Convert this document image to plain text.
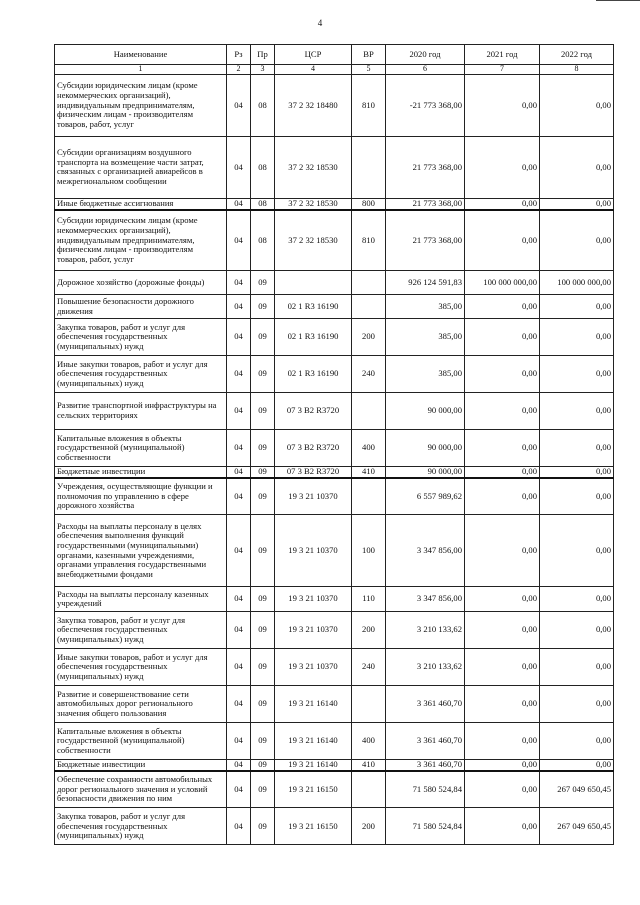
4
Наименование	Рз	Пр	ЦСР	ВР	2020 год	2021 год	2022 год
1	2	3	4	5	6	7	8
Субсидии юридическим лицам (кроме некоммерческих организаций), индивидуальным предпринимателям, физическим лицам - производителям товаров, работ, услуг	04	08	37 2 32 18480	810	-21 773 368,00	0,00	0,00
Субсидии организациям воздушного транспорта на возмещение части затрат, связанных с организацией авиарейсов в межрегиональном сообщении	04	08	37 2 32 18530		21 773 368,00	0,00	0,00
Иные бюджетные ассигнования	04	08	37 2 32 18530	800	21 773 368,00	0,00	0,00
Субсидии юридическим лицам (кроме некоммерческих организаций), индивидуальным предпринимателям, физическим лицам - производителям товаров, работ, услуг	04	08	37 2 32 18530	810	21 773 368,00	0,00	0,00
Дорожное хозяйство (дорожные фонды)	04	09			926 124 591,83	100 000 000,00	100 000 000,00
Повышение безопасности дорожного движения	04	09	02 1 R3 16190		385,00	0,00	0,00
Закупка товаров, работ и услуг для обеспечения государственных (муниципальных) нужд	04	09	02 1 R3 16190	200	385,00	0,00	0,00
Иные закупки товаров, работ и услуг для обеспечения государственных (муниципальных) нужд	04	09	02 1 R3 16190	240	385,00	0,00	0,00
Развитие транспортной инфраструктуры на сельских территориях	04	09	07 3 B2 R3720		90 000,00	0,00	0,00
Капитальные вложения в объекты государственной (муниципальной) собственности	04	09	07 3 B2 R3720	400	90 000,00	0,00	0,00
Бюджетные инвестиции	04	09	07 3 B2 R3720	410	90 000,00	0,00	0,00
Учреждения, осуществляющие функции и полномочия по управлению в сфере дорожного хозяйства	04	09	19 3 21 10370		6 557 989,62	0,00	0,00
Расходы на выплаты персоналу в целях обеспечения выполнения функций государственными (муниципальными) органами, казенными учреждениями, органами управления государственными внебюджетными фондами	04	09	19 3 21 10370	100	3 347 856,00	0,00	0,00
Расходы на выплаты персоналу казенных учреждений	04	09	19 3 21 10370	110	3 347 856,00	0,00	0,00
Закупка товаров, работ и услуг для обеспечения государственных (муниципальных) нужд	04	09	19 3 21 10370	200	3 210 133,62	0,00	0,00
Иные закупки товаров, работ и услуг для обеспечения государственных (муниципальных) нужд	04	09	19 3 21 10370	240	3 210 133,62	0,00	0,00
Развитие и совершенствование сети автомобильных дорог регионального значения общего пользования	04	09	19 3 21 16140		3 361 460,70	0,00	0,00
Капитальные вложения в объекты государственной (муниципальной) собственности	04	09	19 3 21 16140	400	3 361 460,70	0,00	0,00
Бюджетные инвестиции	04	09	19 3 21 16140	410	3 361 460,70	0,00	0,00
Обеспечение сохранности автомобильных дорог регионального значения и условий безопасности движения по ним	04	09	19 3 21 16150		71 580 524,84	0,00	267 049 650,45
Закупка товаров, работ и услуг для обеспечения государственных (муниципальных) нужд	04	09	19 3 21 16150	200	71 580 524,84	0,00	267 049 650,45
